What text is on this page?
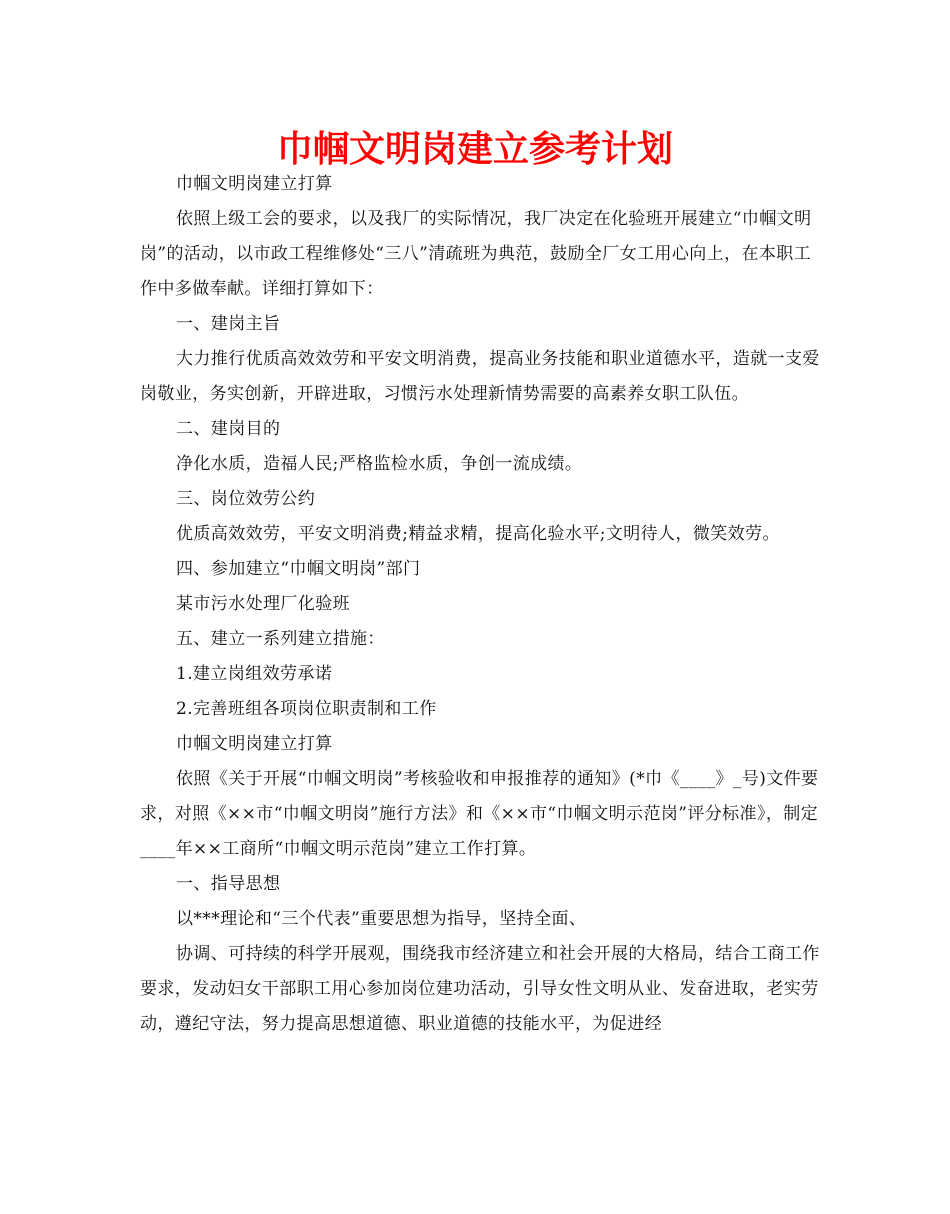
巾帼文明岗建立参考计划

巾帼文明岗建立打算

依照上级工会的要求，以及我厂的实际情况，我厂决定在化验班开展建立“巾帼文明岗”的活动，以市政工程维修处“三八”清疏班为典范，鼓励全厂女工用心向上，在本职工作中多做奉献。详细打算如下：

一、建岗主旨

大力推行优质高效效劳和平安文明消费，提高业务技能和职业道德水平，造就一支爱岗敬业，务实创新，开辟进取，习惯污水处理新情势需要的高素养女职工队伍。

二、建岗目的

净化水质，造福人民;严格监检水质，争创一流成绩。

三、岗位效劳公约

优质高效效劳，平安文明消费;精益求精，提高化验水平;文明待人，微笑效劳。

四、参加建立“巾帼文明岗”部门

某市污水处理厂化验班

五、建立一系列建立措施：

1.建立岗组效劳承诺

2.完善班组各项岗位职责制和工作

巾帼文明岗建立打算

依照《关于开展“巾帼文明岗”考核验收和申报推荐的通知》(*巾《____》_号)文件要求，对照《××市“巾帼文明岗”施行方法》和《××市“巾帼文明示范岗”评分标准》，制定____年××工商所“巾帼文明示范岗”建立工作打算。

一、指导思想

以***理论和“三个代表”重要思想为指导，坚持全面、

协调、可持续的科学开展观，围绕我市经济建立和社会开展的大格局，结合工商工作要求，发动妇女干部职工用心参加岗位建功活动，引导女性文明从业、发奋进取，老实劳动，遵纪守法，努力提高思想道德、职业道德的技能水平，为促进经
